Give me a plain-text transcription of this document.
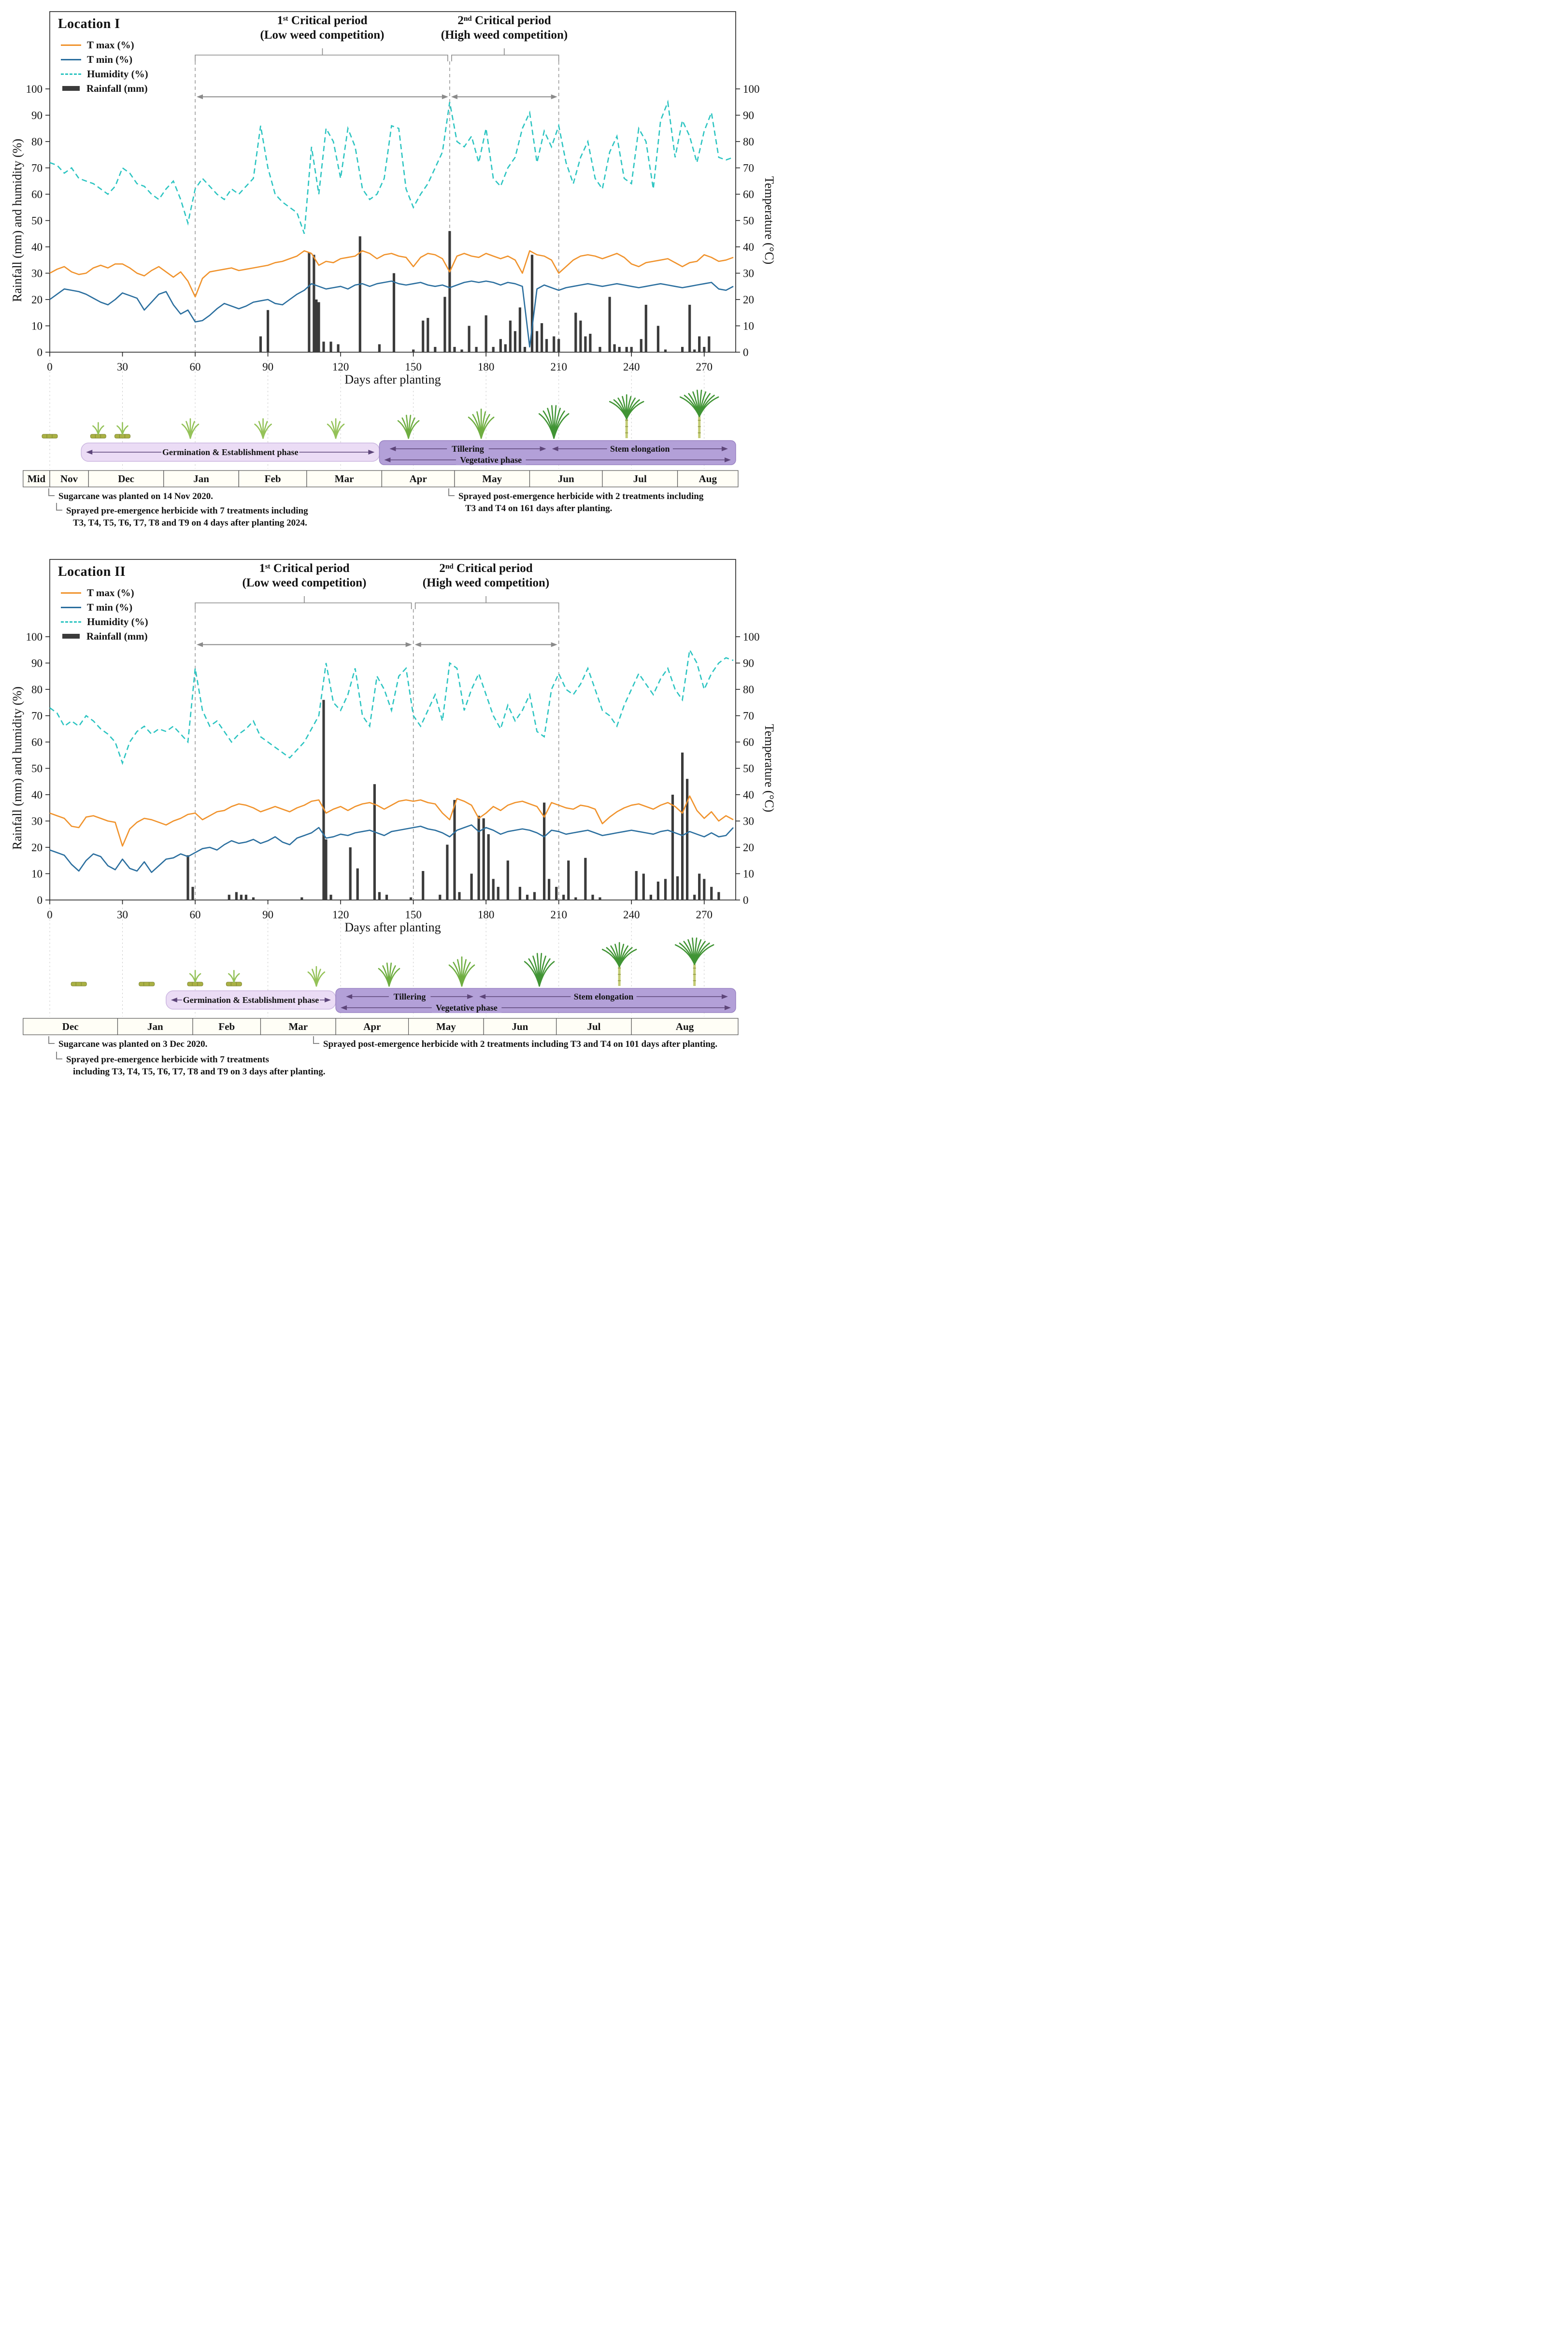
Location I
T max (%)
T min (%)
Humidity (%)
Rainfall (mm)
1ˢᵗ Critical period
(Low weed competition)
2ⁿᵈ Critical period
(High weed competition)
Rainfall (mm) and humidity (%)	Temperature (°C)
Days after planting
0	0
10	10
20	20
30	30
40	40
50	50
60	60
70	70
80	80
90	90
100	100
0	30	60	90	120	150	180	210	240	270
Germination & Establishment phase	Tillering	Stem elongation
Vegetative phase
Mid Nov	Dec	Jan	Feb	Mar	Apr	May	Jun	Jul	Aug
Sugarcane was planted on 14 Nov 2020.
Sprayed pre-emergence herbicide with 7 treatments including
T3, T4, T5, T6, T7, T8 and T9 on 4 days after planting 2024.
Sprayed post-emergence herbicide with 2 treatments including
T3 and T4 on 161 days after planting.
Location II
T max (%)
T min (%)
Humidity (%)
Rainfall (mm)
1ˢᵗ Critical period
(Low weed competition)
2ⁿᵈ Critical period
(High weed competition)
Rainfall (mm) and humidity (%)	Temperature (°C)
Days after planting
0	0
10	10
20	20
30	30
40	40
50	50
60	60
70	70
80	80
90	90
100	100
0	30	60	90	120	150	180	210	240	270
Germination & Establishment phase	Tillering	Stem elongation
Vegetative phase
Dec	Jan	Feb	Mar	Apr	May	Jun	Jul	Aug
Sugarcane was planted on 3 Dec 2020.	Sprayed post-emergence herbicide with 2 treatments including T3 and T4 on 101 days after planting.
Sprayed pre-emergence herbicide with 7 treatments
including T3, T4, T5, T6, T7, T8 and T9 on 3 days after planting.
